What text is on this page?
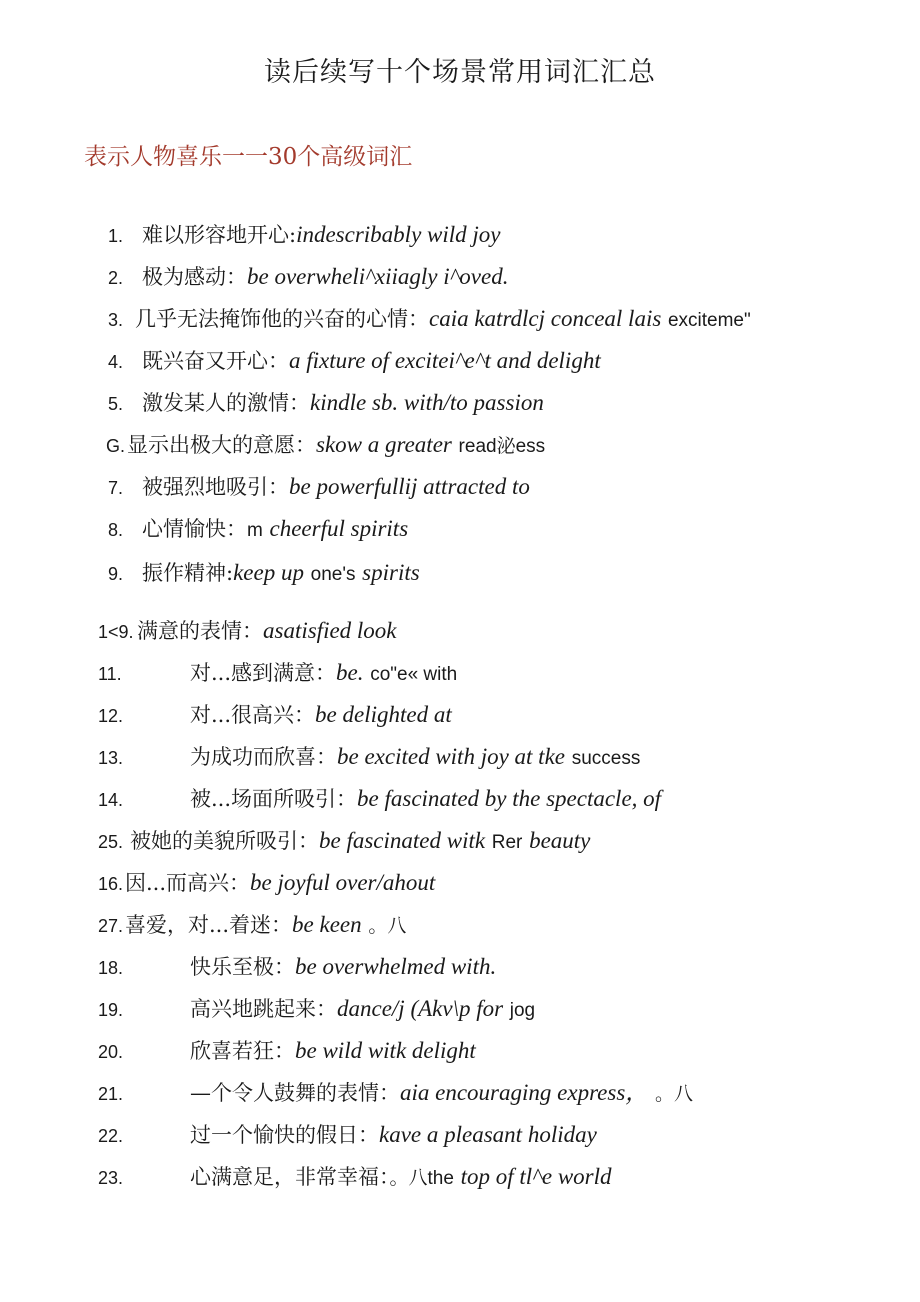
读后续写十个场景常用词汇汇总
表示人物喜乐一一30个高级词汇
1. 难以形容地开心:indescribably wild joy
2. 极为感动：be overwheli^xiiagly i^oved.
3. 几乎无法掩饰他的兴奋的心情：caia katrdlcj conceal lais exciteme"
4. 既兴奋又开心：a fixture of excitei^e^t and delight
5. 激发某人的激情：kindle sb. with/to passion
G.显示出极大的意愿：skow a greater read泌ess
7. 被强烈地吸引：be powerfullij attracted to
8. 心情愉快：m cheerful spirits
9. 振作精神:keep up one's spirits
1<9. 满意的表情：asatisfied look
11.	对...感到满意：be. co"e« with
12.	对...很高兴：be delighted at
13.	为成功而欣喜：be excited with joy at tke success
14.	被...场面所吸引：be fascinated by the spectacle, of
25. 被她的美貌所吸引：be fascinated witk Rer beauty
16.因...而高兴：be joyful over/ahout
27.喜爱，对...着迷：be keen 。八
18.	快乐至极：be overwhelmed with.
19.	高兴地跳起来：dance/j (Akv\p for jog
20.	欣喜若狂：be wild witk delight
21.	—个令人鼓舞的表情：aia encouraging express， 。八
22.	过一个愉快的假日：kave a pleasant holiday
23.	心满意足，非常幸福：。八the top of tl^e world
